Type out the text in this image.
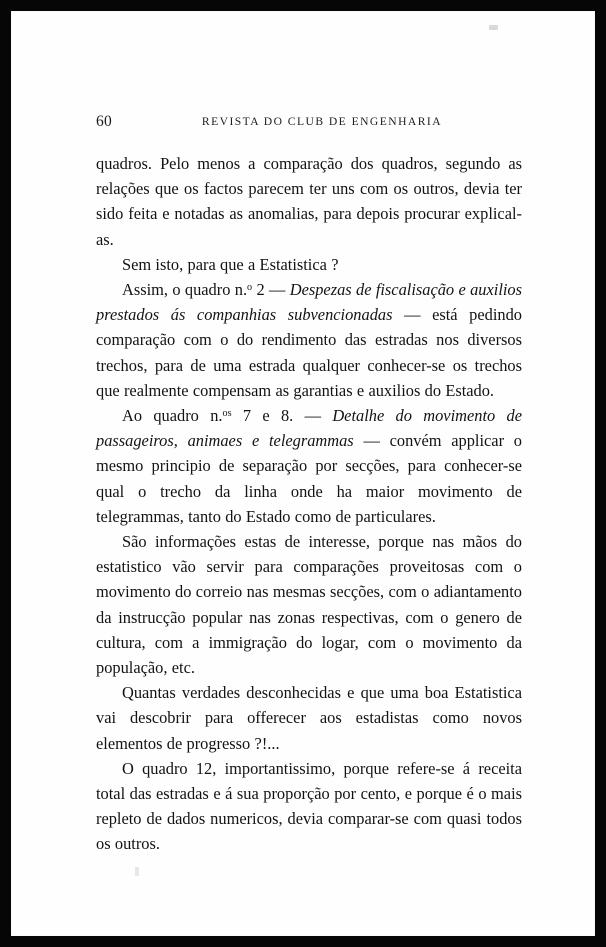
60	REVISTA DO CLUB DE ENGENHARIA

quadros. Pelo menos a comparação dos quadros, segundo as relações que os factos parecem ter uns com os outros, devia ter sido feita e notadas as anomalias, para depois procurar explical-as.

Sem isto, para que a Estatistica ?

Assim, o quadro n.$^o$ 2 — Despezas de fiscalisação e auxilios prestados ás companhias subvencionadas — está pedindo comparação com o do rendimento das estradas nos diversos trechos, para de uma estrada qualquer conhecer-se os trechos que realmente compensam as garantias e auxilios do Estado.

Ao quadro n.$^{os}$ 7 e 8. — Detalhe do movimento de passageiros, animaes e telegrammas — convém applicar o mesmo principio de separação por secções, para conhecer-se qual o trecho da linha onde ha maior movimento de telegrammas, tanto do Estado como de particulares.

São informações estas de interesse, porque nas mãos do estatistico vão servir para comparações proveitosas com o movimento do correio nas mesmas secções, com o adiantamento da instrucção popular nas zonas respectivas, com o genero de cultura, com a immigração do logar, com o movimento da população, etc.

Quantas verdades desconhecidas e que uma boa Estatistica vai descobrir para offerecer aos estadistas como novos elementos de progresso ?!...

O quadro 12, importantissimo, porque refere-se á receita total das estradas e á sua proporção por cento, e porque é o mais repleto de dados numericos, devia comparar-se com quasi todos os outros.
